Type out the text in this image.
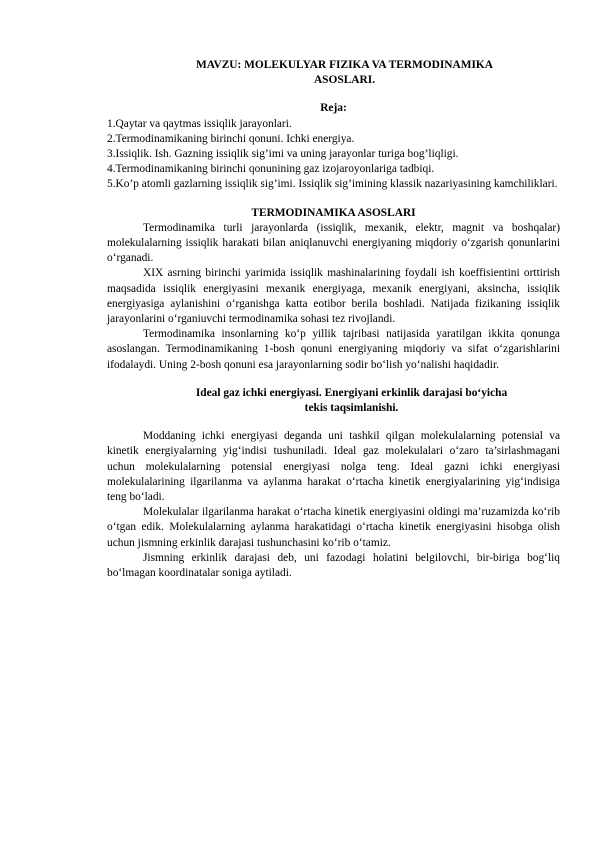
MAVZU: MOLEKULYAR FIZIKA VA TERMODINAMIKA
ASOSLARI.
Reja:
1.Qaytar va qaytmas issiqlik jarayonlari.
2.Termodinamikaning birinchi qonuni. Ichki energiya.
3.Issiqlik. Ish. Gazning issiqlik sig’imi va uning jarayonlar turiga bog’liqligi.
4.Termodinamikaning birinchi qonunining gaz izojaroyonlariga tadbiqi.
5.Ko’p atomli gazlarning issiqlik sig’imi. Issiqlik sig’imining klassik nazariyasining kamchiliklari.
TERMODINAMIKA ASOSLARI
Termodinamika turli jarayonlarda (issiqlik, mexanik, elektr, magnit va boshqalar) molekulalarning issiqlik harakati bilan aniqlanuvchi energiyaning miqdoriy o‘zgarish qonunlarini o‘rganadi.
XIX asrning birinchi yarimida issiqlik mashinalarining foydali ish koeffisientini orttirish maqsadida issiqlik energiyasini mexanik energiyaga, mexanik energiyani, aksincha, issiqlik energiyasiga aylanishini o‘rganishga katta eotibor berila boshladi. Natijada fizikaning issiqlik jarayonlarini o‘rganiuvchi termodinamika sohasi tez rivojlandi.
Termodinamika insonlarning ko‘p yillik tajribasi natijasida yaratilgan ikkita qonunga asoslangan. Termodinamikaning 1-bosh qonuni energiyaning miqdoriy va sifat o‘zgarishlarini ifodalaydi. Uning 2-bosh qonuni esa jarayonlarning sodir bo‘lish yo‘nalishi haqidadir.
Ideal gaz ichki energiyasi. Energiyani erkinlik darajasi bo‘yicha
tekis taqsimlanishi.
Moddaning ichki energiyasi deganda uni tashkil qilgan molekulalarning potensial va kinetik energiyalarning yig‘indisi tushuniladi. Ideal gaz molekulalari o‘zaro ta’sirlashmagani uchun molekulalarning potensial energiyasi nolga teng. Ideal gazni ichki energiyasi molekulalarining ilgarilanma va aylanma harakat o‘rtacha kinetik energiyalarining yig‘indisiga teng bo‘ladi.
Molekulalar ilgarilanma harakat o‘rtacha kinetik energiyasini oldingi ma’ruzamizda ko‘rib o‘tgan edik. Molekulalarning aylanma harakatidagi o‘rtacha kinetik energiyasini hisobga olish uchun jismning erkinlik darajasi tushunchasini ko‘rib o‘tamiz.
Jismning erkinlik darajasi deb, uni fazodagi holatini belgilovchi, bir-biriga bog‘liq bo‘lmagan koordinatalar soniga aytiladi.
